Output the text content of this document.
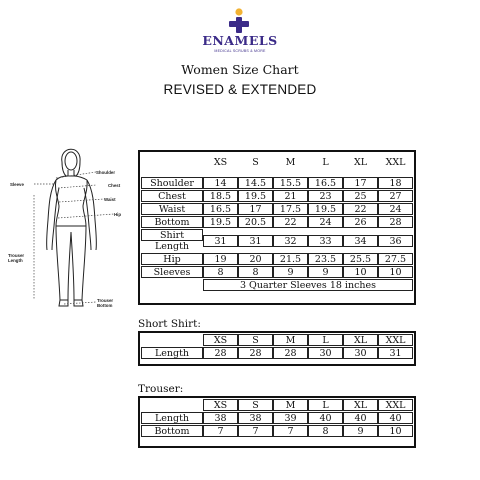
ENAMELS
MEDICAL SCRUBS & MORE
Women Size Chart
REVISED & EXTENDED
Shoulder
Sleeve	Chest
Waist
Hip
Trouser Length
Trouser Bottom
	XS	S	M	L	XL	XXL

Shoulder	14	14.5	15.5	16.5	17	18
Chest	18.5	19.5	21	23	25	27
Waist	16.5	17	17.5	19.5	22	24
Bottom	19.5	20.5	22	24	26	28
Shirt Length	31	31	32	33	34	36
Hip	19	20	21.5	23.5	25.5	27.5
Sleeves	8	8	9	9	10	10
	3 Quarter Sleeves 18 inches					
Short Shirt:
	XS	S	M	L	XL	XXL
Length	28	28	28	30	30	31
Trouser:
	XS	S	M	L	XL	XXL
Length	38	38	39	40	40	40
Bottom	7	7	7	8	9	10
